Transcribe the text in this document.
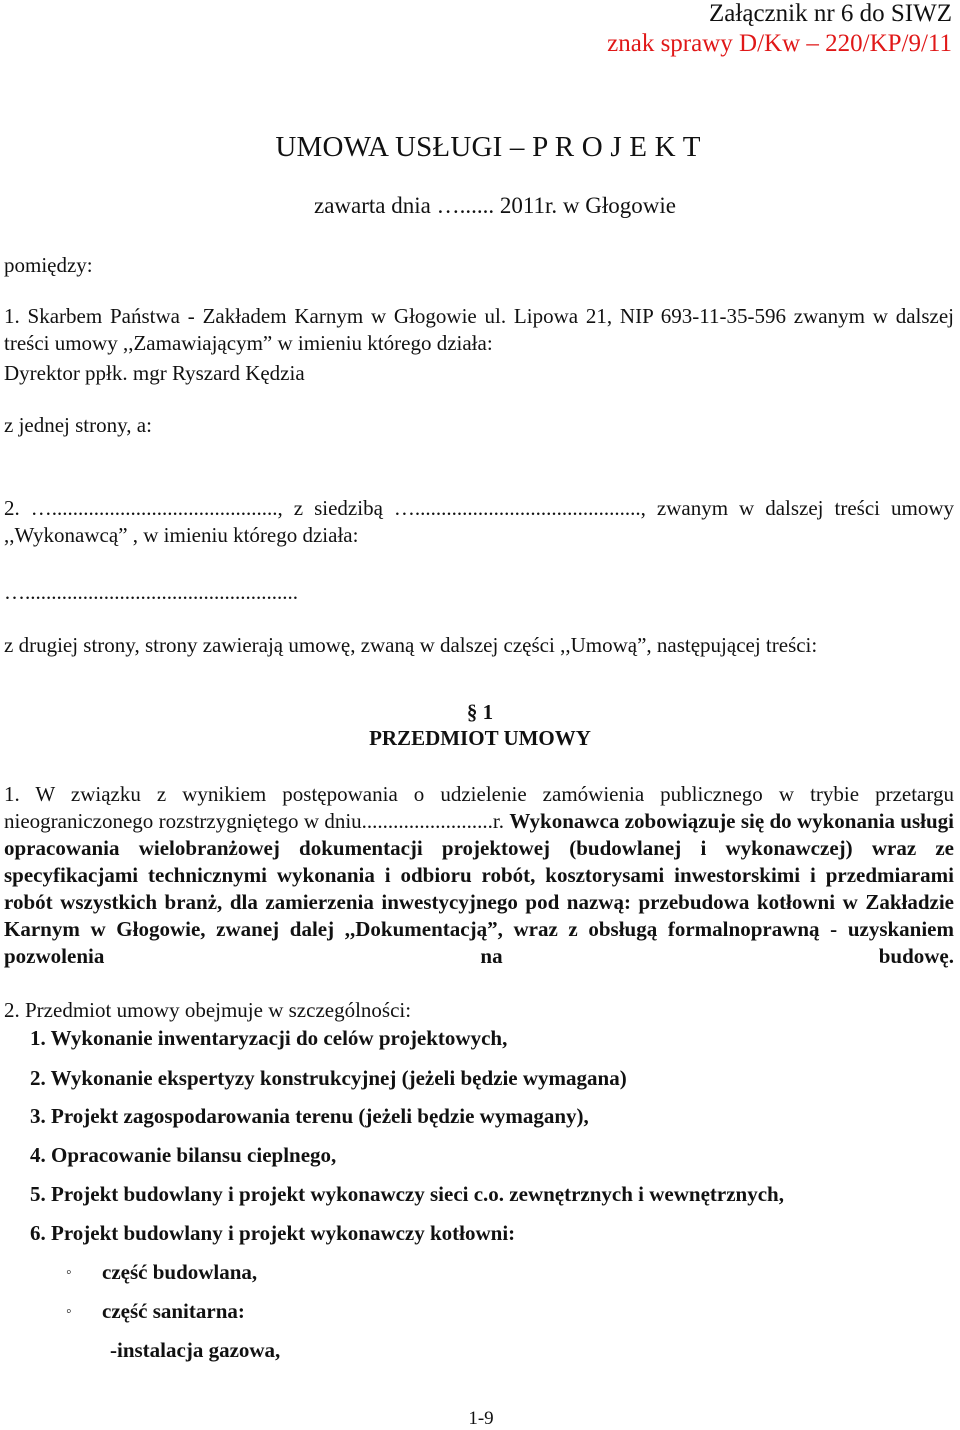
Załącznik nr 6 do SIWZ
znak sprawy D/Kw – 220/KP/9/11
UMOWA USŁUGI – P R O J E K T
zawarta dnia …...... 2011r. w Głogowie
pomiędzy:

1. Skarbem Państwa - Zakładem Karnym w Głogowie ul. Lipowa 21, NIP 693-11-35-596 zwanym w dalszej treści umowy ,,Zamawiającym” w imieniu którego działa:

Dyrektor ppłk. mgr Ryszard Kędzia
z jednej strony, a:

2. …..........................................., z siedzibą …..........................................., zwanym w dalszej treści umowy ,,Wykonawcą” , w imieniu którego działa:

…....................................................

z drugiej strony, strony zawierają umowę, zwaną w dalszej części ,,Umową”, następującej treści:

§ 1
PRZEDMIOT UMOWY

1. W związku z wynikiem postępowania o udzielenie zamówienia publicznego w trybie przetargu nieograniczonego rozstrzygniętego w dniu.........................r. Wykonawca zobowiązuje się do wykonania usługi opracowania wielobranżowej dokumentacji projektowej (budowlanej i wykonawczej) wraz ze specyfikacjami technicznymi wykonania i odbioru robót, kosztorysami inwestorskimi i przedmiarami robót wszystkich branż, dla zamierzenia inwestycyjnego pod nazwą: przebudowa kotłowni w Zakładzie Karnym w Głogowie, zwanej dalej ,,Dokumentacją”, wraz z obsługą formalnoprawną - uzyskaniem pozwolenia na budowę.

2. Przedmiot umowy obejmuje w szczególności:
1. Wykonanie inwentaryzacji do celów projektowych,
2. Wykonanie ekspertyzy konstrukcyjnej (jeżeli będzie wymagana)
3. Projekt zagospodarowania terenu (jeżeli będzie wymagany),
4. Opracowanie bilansu cieplnego,
5. Projekt budowlany i projekt wykonawczy sieci c.o. zewnętrznych i wewnętrznych,
6. Projekt budowlany i projekt wykonawczy kotłowni:
◦ część budowlana,
◦ część sanitarna:
-instalacja gazowa,
1-9
